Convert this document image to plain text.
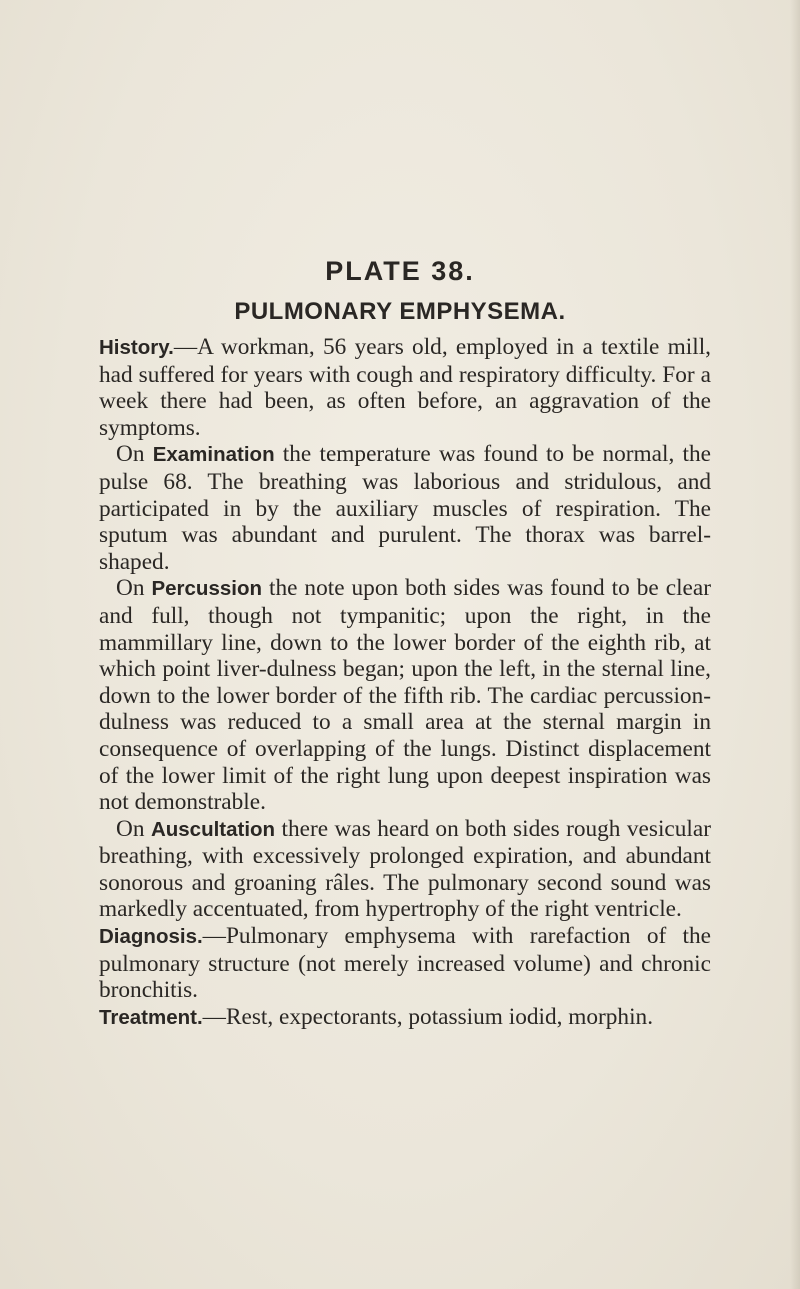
PLATE 38.
PULMONARY EMPHYSEMA.

History.—A workman, 56 years old, employed in a textile mill, had suffered for years with cough and respiratory difficulty. For a week there had been, as often before, an aggravation of the symptoms.

On Examination the temperature was found to be normal, the pulse 68. The breathing was laborious and stridulous, and participated in by the auxiliary muscles of respiration. The sputum was abundant and purulent. The thorax was barrel-shaped.

On Percussion the note upon both sides was found to be clear and full, though not tympanitic; upon the right, in the mammillary line, down to the lower border of the eighth rib, at which point liver-dulness began; upon the left, in the sternal line, down to the lower border of the fifth rib. The cardiac percussion-dulness was reduced to a small area at the sternal margin in consequence of overlapping of the lungs. Distinct displacement of the lower limit of the right lung upon deepest inspiration was not demonstrable.

On Auscultation there was heard on both sides rough vesicular breathing, with excessively prolonged expiration, and abundant sonorous and groaning râles. The pulmonary second sound was markedly accentuated, from hypertrophy of the right ventricle.

Diagnosis.—Pulmonary emphysema with rarefaction of the pulmonary structure (not merely increased volume) and chronic bronchitis.

Treatment.—Rest, expectorants, potassium iodid, morphin.
